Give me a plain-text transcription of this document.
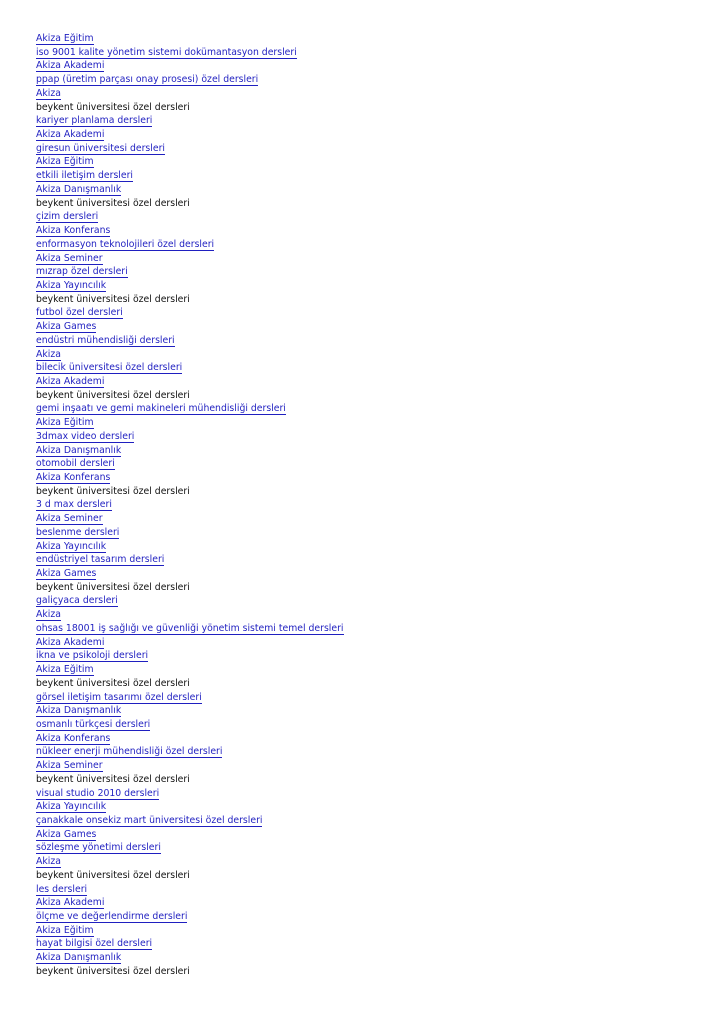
Akiza Eğitim
iso 9001 kalite yönetim sistemi dokümantasyon dersleri
Akiza Akademi
ppap (üretim parçası onay prosesi) özel dersleri
Akiza
beykent üniversitesi özel dersleri
kariyer planlama dersleri
Akiza Akademi
giresun üniversitesi dersleri
Akiza Eğitim
etkili iletişim dersleri
Akiza Danışmanlık
beykent üniversitesi özel dersleri
çizim dersleri
Akiza Konferans
enformasyon teknolojileri özel dersleri
Akiza Seminer
mızrap özel dersleri
Akiza Yayıncılık
beykent üniversitesi özel dersleri
futbol özel dersleri
Akiza Games
endüstri mühendisliği dersleri
Akiza
bilecik üniversitesi özel dersleri
Akiza Akademi
beykent üniversitesi özel dersleri
gemi inşaatı ve gemi makineleri mühendisliği dersleri
Akiza Eğitim
3dmax video dersleri
Akiza Danışmanlık
otomobil dersleri
Akiza Konferans
beykent üniversitesi özel dersleri
3 d max dersleri
Akiza Seminer
beslenme dersleri
Akiza Yayıncılık
endüstriyel tasarım dersleri
Akiza Games
beykent üniversitesi özel dersleri
galiçyaca dersleri
Akiza
ohsas 18001 iş sağlığı ve güvenliği yönetim sistemi temel dersleri
Akiza Akademi
ikna ve psikoloji dersleri
Akiza Eğitim
beykent üniversitesi özel dersleri
görsel iletişim tasarımı özel dersleri
Akiza Danışmanlık
osmanlı türkçesi dersleri
Akiza Konferans
nükleer enerji mühendisliği özel dersleri
Akiza Seminer
beykent üniversitesi özel dersleri
visual studio 2010 dersleri
Akiza Yayıncılık
çanakkale onsekiz mart üniversitesi özel dersleri
Akiza Games
sözleşme yönetimi dersleri
Akiza
beykent üniversitesi özel dersleri
les dersleri
Akiza Akademi
ölçme ve değerlendirme dersleri
Akiza Eğitim
hayat bilgisi özel dersleri
Akiza Danışmanlık
beykent üniversitesi özel dersleri
